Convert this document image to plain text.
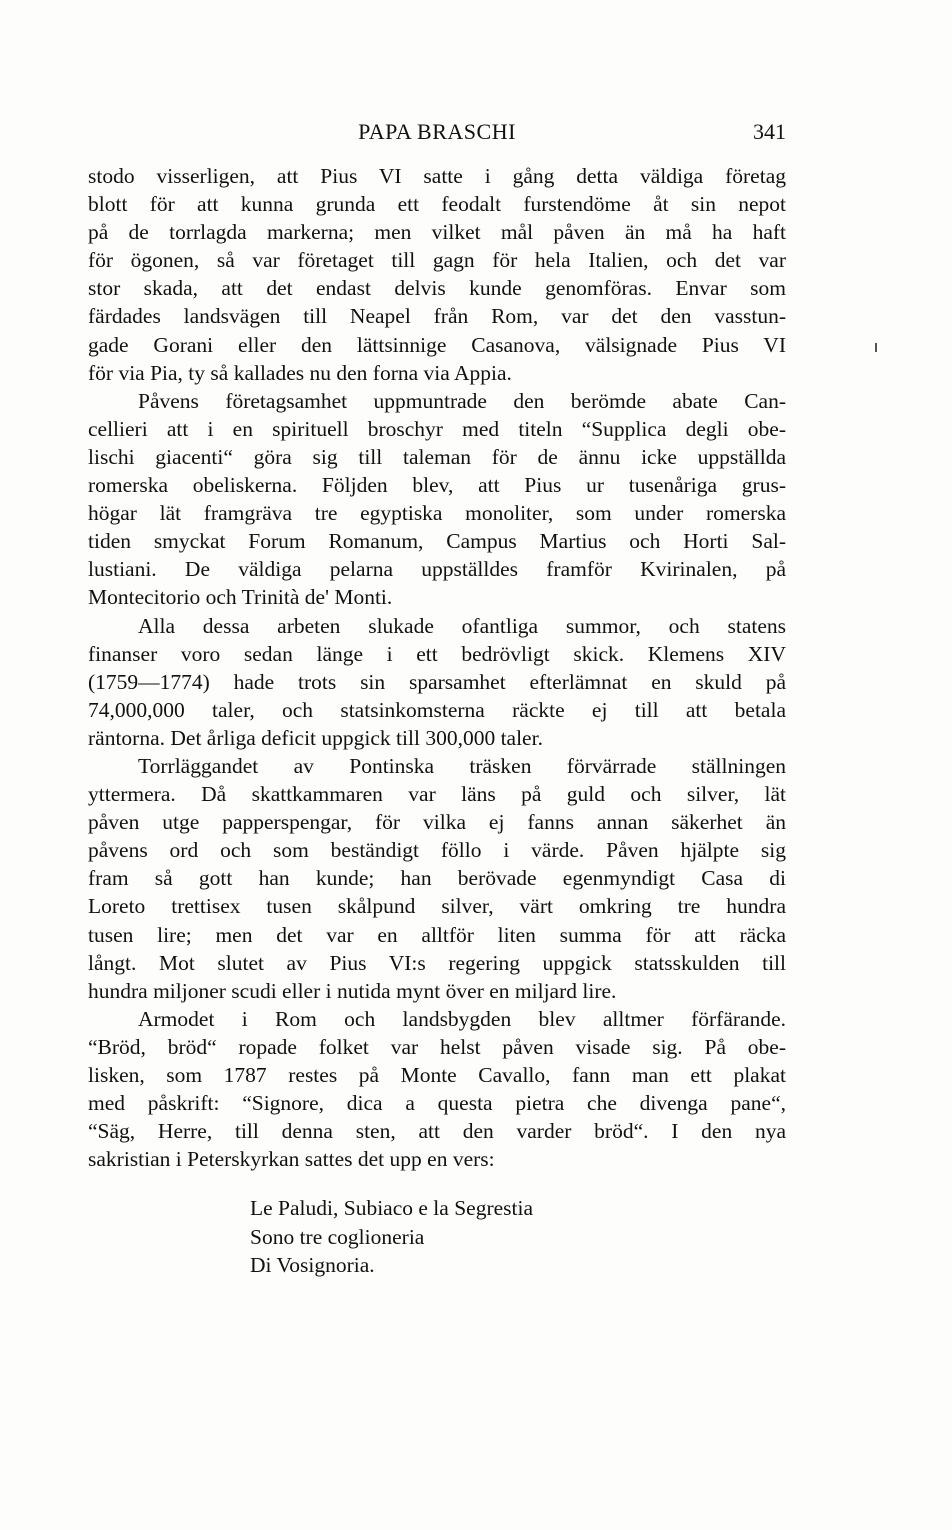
PAPA BRASCHI	341
stodo visserligen, att Pius VI satte i gång detta väldiga företag
blott för att kunna grunda ett feodalt furstendöme åt sin nepot
på de torrlagda markerna; men vilket mål påven än må ha haft
för ögonen, så var företaget till gagn för hela Italien, och det var
stor skada, att det endast delvis kunde genomföras. Envar som
färdades landsvägen till Neapel från Rom, var det den vasstun-
gade Gorani eller den lättsinnige Casanova, välsignade Pius VI
för via Pia, ty så kallades nu den forna via Appia.
Påvens företagsamhet uppmuntrade den berömde abate Can-
cellieri att i en spirituell broschyr med titeln “Supplica degli obe-
lischi giacenti“ göra sig till taleman för de ännu icke uppställda
romerska obeliskerna. Följden blev, att Pius ur tusenåriga grus-
högar lät framgräva tre egyptiska monoliter, som under romerska
tiden smyckat Forum Romanum, Campus Martius och Horti Sal-
lustiani. De väldiga pelarna uppställdes framför Kvirinalen, på
Montecitorio och Trinità de' Monti.
Alla dessa arbeten slukade ofantliga summor, och statens
finanser voro sedan länge i ett bedrövligt skick. Klemens XIV
(1759—1774) hade trots sin sparsamhet efterlämnat en skuld på
74,000,000 taler, och statsinkomsterna räckte ej till att betala
räntorna. Det årliga deficit uppgick till 300,000 taler.
Torrläggandet av Pontinska träsken förvärrade ställningen
yttermera. Då skattkammaren var läns på guld och silver, lät
påven utge papperspengar, för vilka ej fanns annan säkerhet än
påvens ord och som beständigt föllo i värde. Påven hjälpte sig
fram så gott han kunde; han berövade egenmyndigt Casa di
Loreto trettisex tusen skålpund silver, värt omkring tre hundra
tusen lire; men det var en alltför liten summa för att räcka
långt. Mot slutet av Pius VI:s regering uppgick statsskulden till
hundra miljoner scudi eller i nutida mynt över en miljard lire.
Armodet i Rom och landsbygden blev alltmer förfärande.
“Bröd, bröd“ ropade folket var helst påven visade sig. På obe-
lisken, som 1787 restes på Monte Cavallo, fann man ett plakat
med påskrift: “Signore, dica a questa pietra che divenga pane“,
“Säg, Herre, till denna sten, att den varder bröd“. I den nya
sakristian i Peterskyrkan sattes det upp en vers:
Le Paludi, Subiaco e la Segrestia
Sono tre coglioneria
Di Vosignoria.
